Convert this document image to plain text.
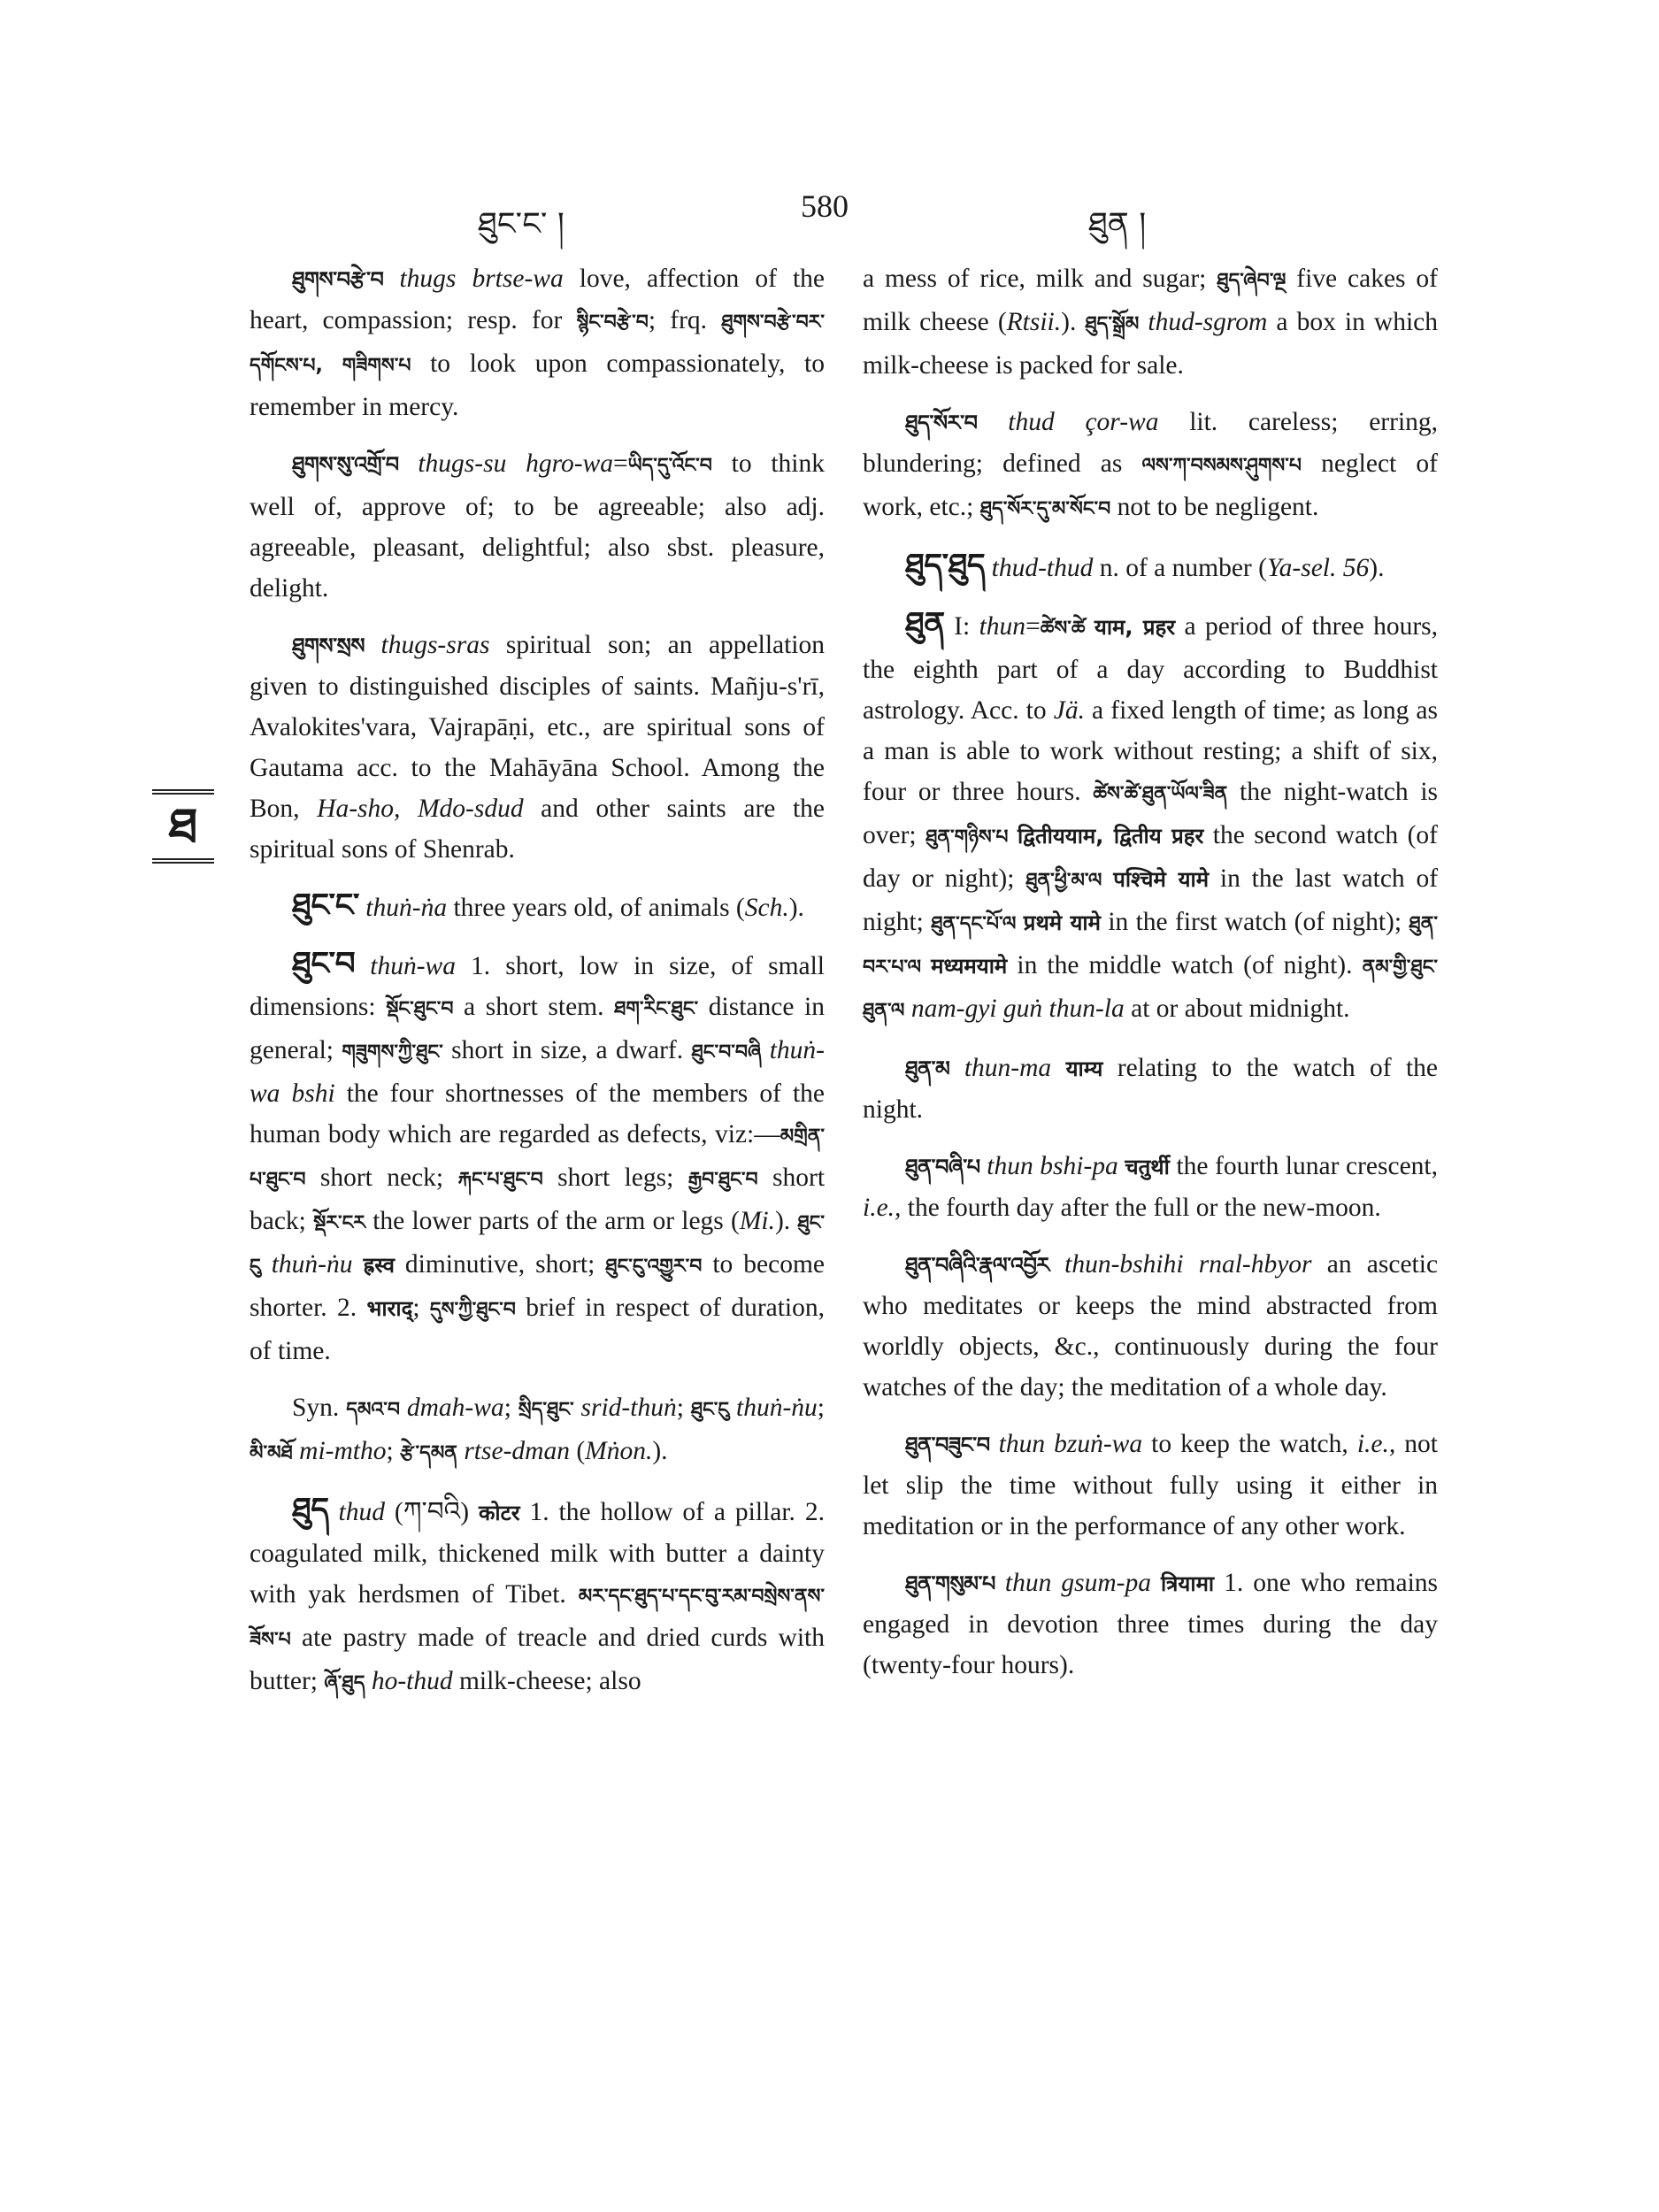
ཐུང་ང་ །	580	ཐུན །
ཐ

ཐུགས་བརྩེ་བ thugs brtse-wa love, affection of the heart, compassion; resp. for སྙིང་བརྩེ་བ; frq. ཐུགས་བརྩེ་བར་དགོངས་པ, གཟིགས་པ to look upon compassionately, to remember in mercy.

ཐུགས་སུ་འགྲོ་བ thugs-su hgro-wa=ཡིད་དུ་འོང་བ to think well of, approve of; to be agreeable; also adj. agreeable, pleasant, delightful; also sbst. pleasure, delight.

ཐུགས་སྲས thugs-sras spiritual son; an appellation given to distinguished disciples of saints. Mañju-s'rī, Avalokites'vara, Vajrapāṇi, etc., are spiritual sons of Gautama acc. to the Mahāyāna School. Among the Bon, Ha-sho, Mdo-sdud and other saints are the spiritual sons of Shenrab.

ཐུང་ང་ thuṅ-ṅa three years old, of animals (Sch.).

ཐུང་བ thuṅ-wa 1. short, low in size, of small dimensions: སྡོང་ཐུང་བ a short stem. ཐག་རིང་ཐུང་ distance in general; གཟུགས་ཀྱི་ཐུང་ short in size, a dwarf. ཐུང་བ་བཞི thuṅ-wa bshi the four shortnesses of the members of the human body which are regarded as defects, viz:—མགྲིན་པ་ཐུང་བ short neck; རྐང་པ་ཐུང་བ short legs; རྒྱབ་ཐུང་བ short back; སྡོར་ངར the lower parts of the arm or legs (Mi.). ཐུང་ངུ thuṅ-ṅu ह्रस्व diminutive, short; ཐུང་ངུ་འགྱུར་བ to become shorter. 2. भाराद्; དུས་ཀྱི་ཐུང་བ brief in respect of duration, of time.

Syn. དམའ་བ dmah-wa; སྲིད་ཐུང་ srid-thuṅ; ཐུང་ངུ thuṅ-ṅu; མི་མཐོ mi-mtho; རྩེ་དམན rtse-dman (Mṅon.).

ཐུད thud (ཀ་བའི) कोटर 1. the hollow of a pillar. 2. coagulated milk, thickened milk with butter a dainty with yak herdsmen of Tibet. མར་དང་ཐུད་པ་དང་བུ་རམ་བསྲེས་ནས་ཟོས་པ ate pastry made of treacle and dried curds with butter; ཞོ་ཐུད ho-thud milk-cheese; also

a mess of rice, milk and sugar; ཐུད་ཞེབ་ལྔ five cakes of milk cheese (Rtsii.). ཐུད་སྒྲོམ thud-sgrom a box in which milk-cheese is packed for sale.

ཐུད་སོར་བ thud çor-wa lit. careless; erring, blundering; defined as ལས་ཀ་བསམས་ཤུགས་པ neglect of work, etc.; ཐུད་སོར་དུ་མ་སོང་བ not to be negligent.

ཐུད་ཐུད thud-thud n. of a number (Ya-sel. 56).

ཐུན I: thun=ཚེས་ཚེ याम, प्रहर a period of three hours, the eighth part of a day according to Buddhist astrology. Acc. to Jä. a fixed length of time; as long as a man is able to work without resting; a shift of six, four or three hours. ཚེས་ཚེ་ཐུན་ཡོལ་ཟིན the night-watch is over; ཐུན་གཉིས་པ द्वितीययाम, द्वितीय प्रहर the second watch (of day or night); ཐུན་ཕྱི་མ་ལ पश्चिमे यामे in the last watch of night; ཐུན་དང་པོ་ལ प्रथमे यामे in the first watch (of night); ཐུན་བར་པ་ལ मध्यमयामे in the middle watch (of night). ནམ་གྱི་ཐུང་ཐུན་ལ nam-gyi guṅ thun-la at or about midnight.

ཐུན་མ thun-ma याम्य relating to the watch of the night.

ཐུན་བཞི་པ thun bshi-pa चतुर्थी the fourth lunar crescent, i.e., the fourth day after the full or the new-moon.

ཐུན་བཞིའི་རྣལ་འབྱོར thun-bshihi rnal-hbyor an ascetic who meditates or keeps the mind abstracted from worldly objects, &c., continuously during the four watches of the day; the meditation of a whole day.

ཐུན་བཟུང་བ thun bzuṅ-wa to keep the watch, i.e., not let slip the time without fully using it either in meditation or in the performance of any other work.

ཐུན་གསུམ་པ thun gsum-pa त्रियामा 1. one who remains engaged in devotion three times during the day (twenty-four hours).
